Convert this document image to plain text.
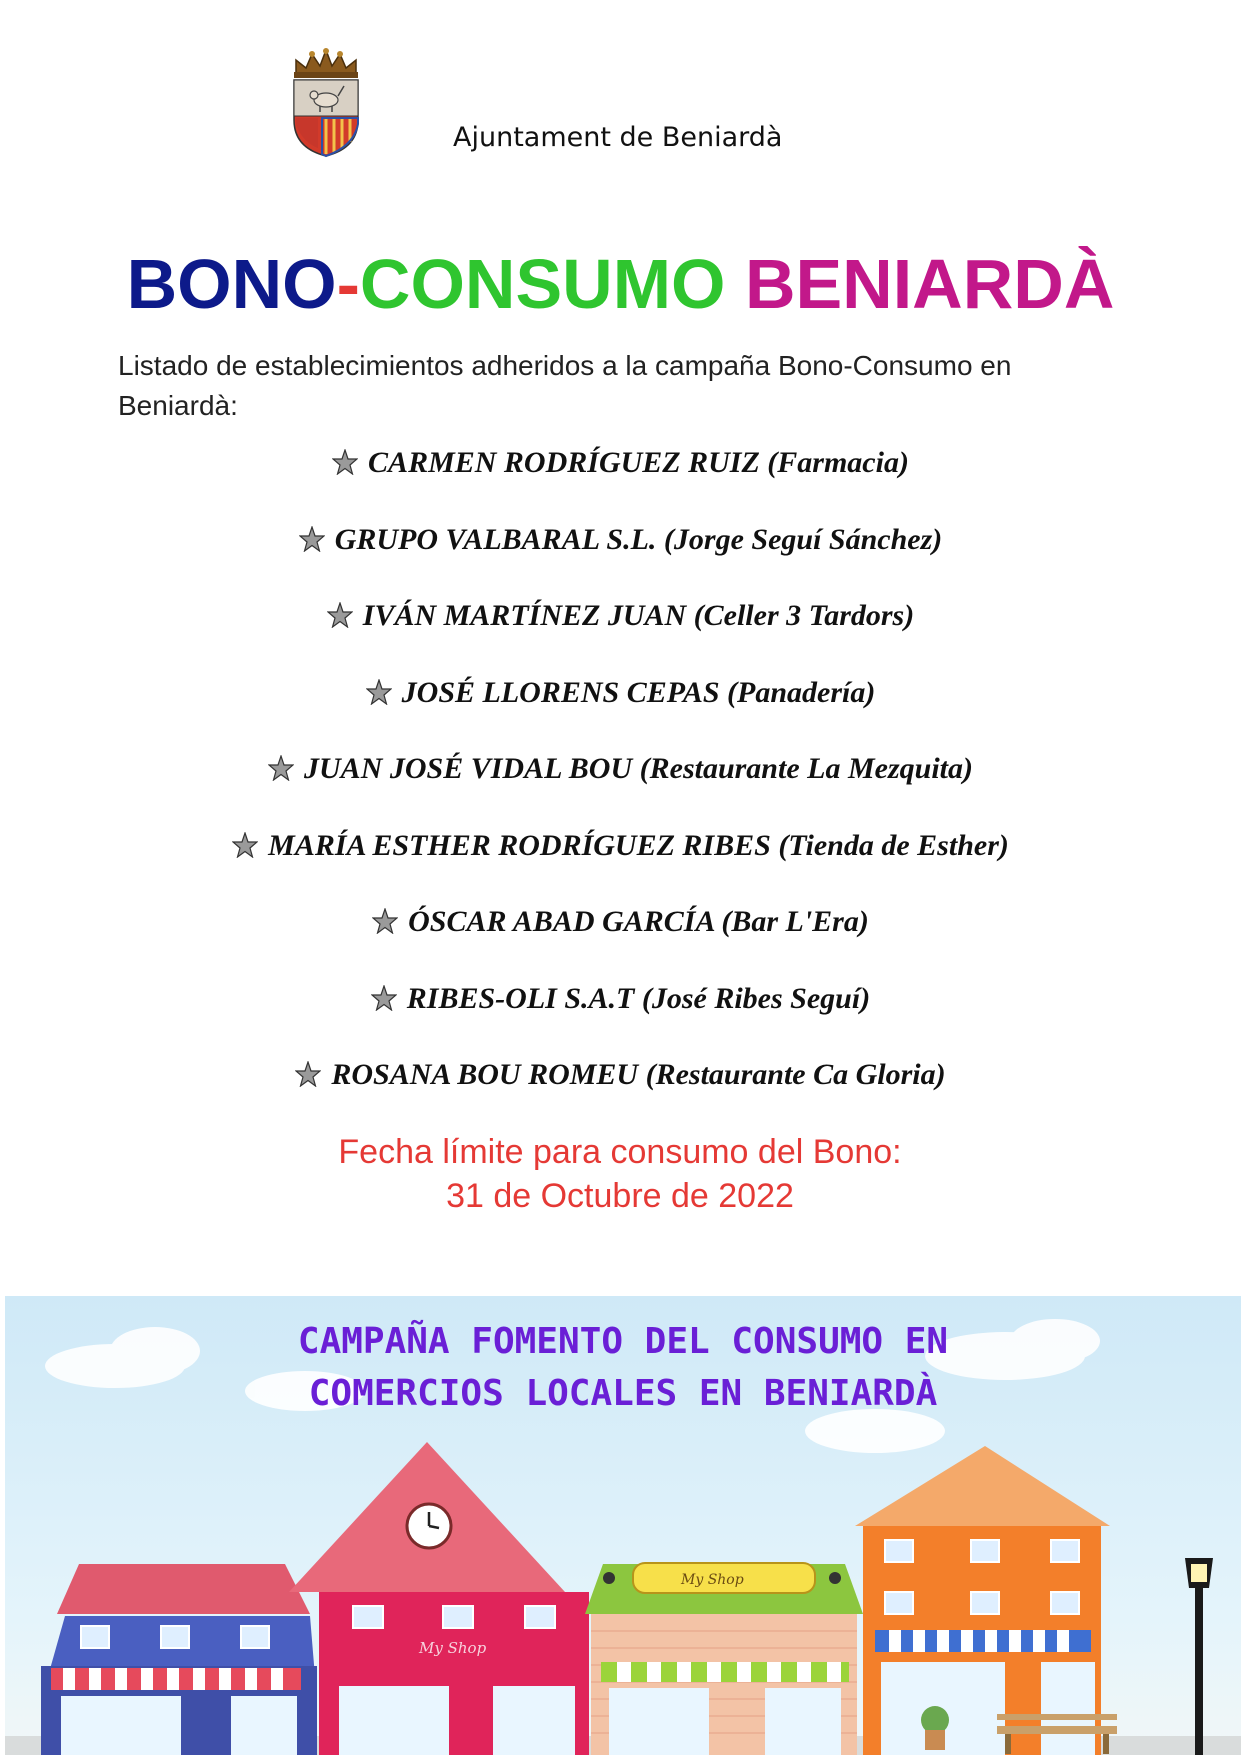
Ajuntament de Beniardà
BONO-CONSUMO BENIARDÀ

Listado de establecimientos adheridos a la campaña Bono-Consumo en Beniardà:

CARMEN RODRÍGUEZ RUIZ (Farmacia)
GRUPO VALBARAL S.L. (Jorge Seguí Sánchez)
IVÁN MARTÍNEZ JUAN (Celler 3 Tardors)
JOSÉ LLORENS CEPAS (Panadería)
JUAN JOSÉ VIDAL BOU (Restaurante La Mezquita)
MARÍA ESTHER RODRÍGUEZ RIBES (Tienda de Esther)
ÓSCAR ABAD GARCÍA (Bar L'Era)
RIBES-OLI S.A.T (José Ribes Seguí)
ROSANA BOU ROMEU (Restaurante Ca Gloria)
Fecha límite para consumo del Bono:
31 de Octubre de 2022
My Shop
My Shop
CAMPAÑA FOMENTO DEL CONSUMO EN
COMERCIOS LOCALES EN BENIARDÀ
